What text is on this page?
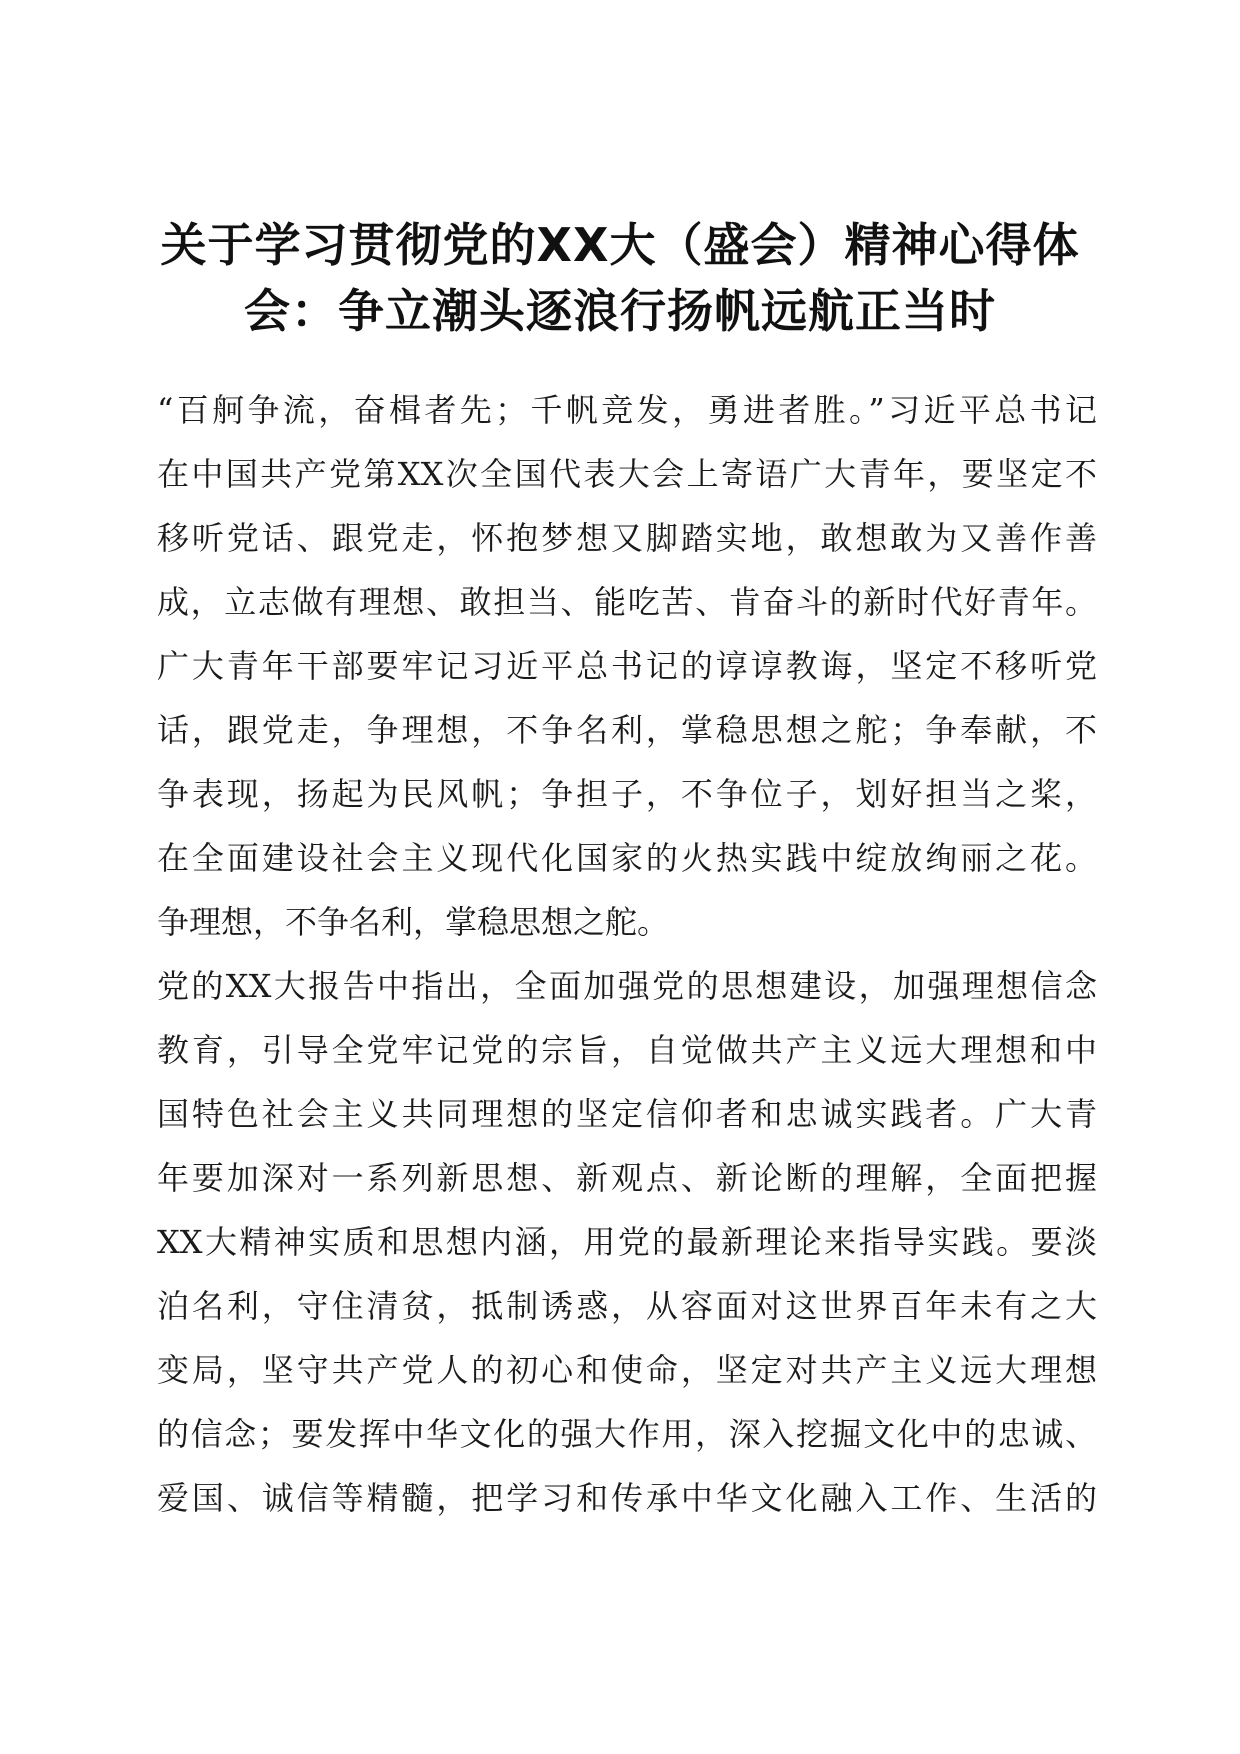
关于学习贯彻党的XX大（盛会）精神心得体
会：争立潮头逐浪行扬帆远航正当时
“百舸争流，奋楫者先；千帆竞发，勇进者胜。”习近平总书记
在中国共产党第XX次全国代表大会上寄语广大青年，要坚定不
移听党话、跟党走，怀抱梦想又脚踏实地，敢想敢为又善作善
成，立志做有理想、敢担当、能吃苦、肯奋斗的新时代好青年。
广大青年干部要牢记习近平总书记的谆谆教诲，坚定不移听党
话，跟党走，争理想，不争名利，掌稳思想之舵；争奉献，不
争表现，扬起为民风帆；争担子，不争位子，划好担当之桨，
在全面建设社会主义现代化国家的火热实践中绽放绚丽之花。
争理想，不争名利，掌稳思想之舵。
党的XX大报告中指出，全面加强党的思想建设，加强理想信念
教育，引导全党牢记党的宗旨，自觉做共产主义远大理想和中
国特色社会主义共同理想的坚定信仰者和忠诚实践者。广大青
年要加深对一系列新思想、新观点、新论断的理解，全面把握
XX大精神实质和思想内涵，用党的最新理论来指导实践。要淡
泊名利，守住清贫，抵制诱惑，从容面对这世界百年未有之大
变局，坚守共产党人的初心和使命，坚定对共产主义远大理想
的信念；要发挥中华文化的强大作用，深入挖掘文化中的忠诚、
爱国、诚信等精髓，把学习和传承中华文化融入工作、生活的
